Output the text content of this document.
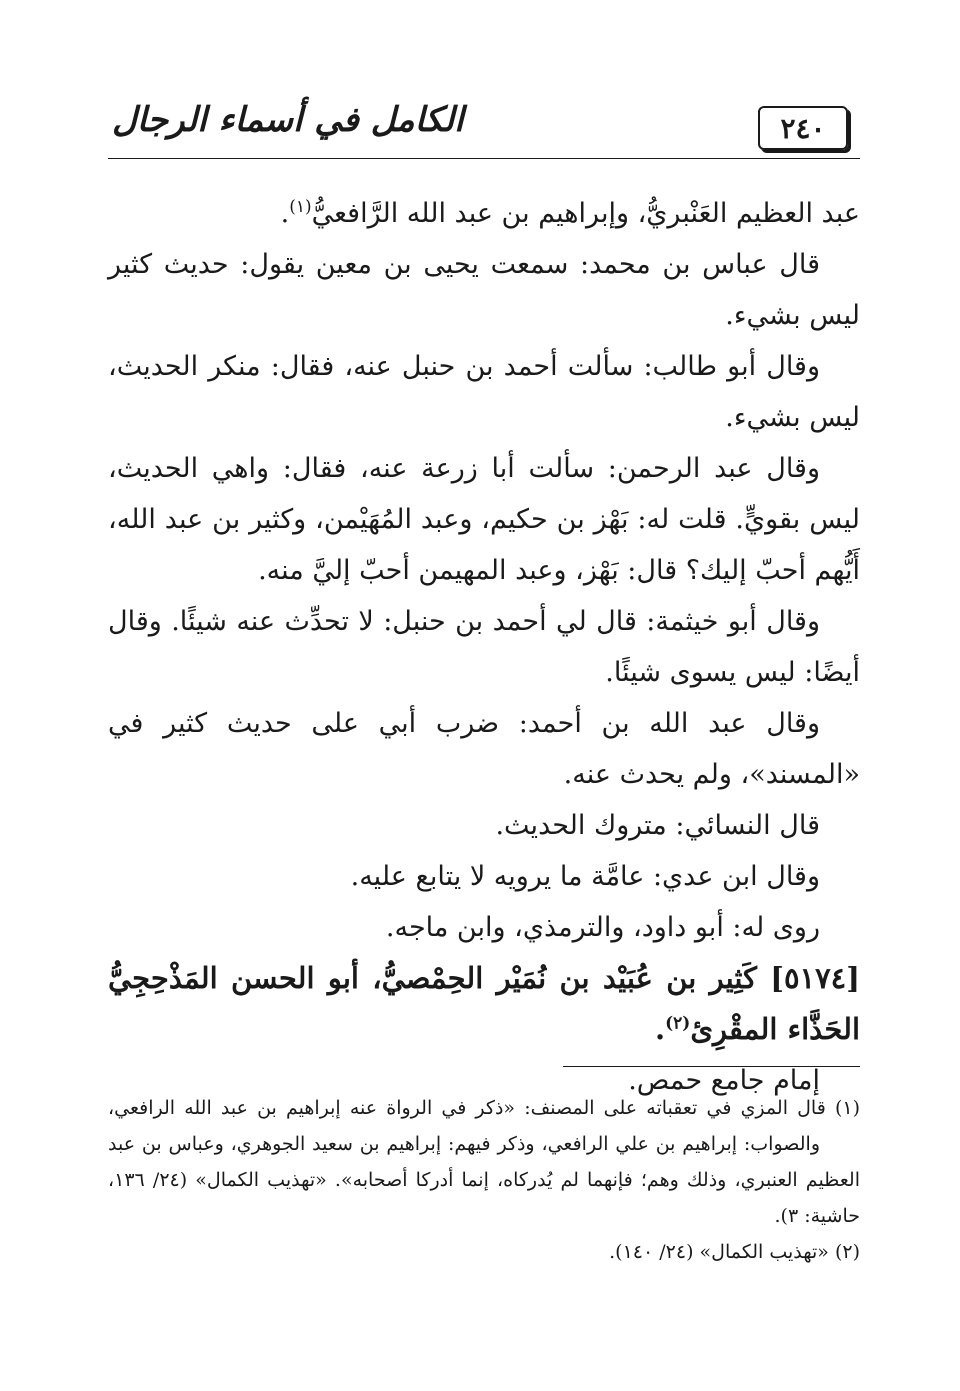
٢٤٠
الكامل في أسماء الرجال

عبد العظيم العَنْبريُّ، وإبراهيم بن عبد الله الرَّافعيُّ$^{(١)}$.

قال عباس بن محمد: سمعت يحيى بن معين يقول: حديث كثير ليس بشيء.

وقال أبو طالب: سألت أحمد بن حنبل عنه، فقال: منكر الحديث، ليس بشيء.

وقال عبد الرحمن: سألت أبا زرعة عنه، فقال: واهي الحديث، ليس بقويٍّ. قلت له: بَهْز بن حكيم، وعبد المُهَيْمن، وكثير بن عبد الله، أَيُّهم أحبّ إليك؟ قال: بَهْز، وعبد المهيمن أحبّ إليَّ منه.

وقال أبو خيثمة: قال لي أحمد بن حنبل: لا تحدِّث عنه شيئًا. وقال أيضًا: ليس يسوى شيئًا.

وقال عبد الله بن أحمد: ضرب أبي على حديث كثير في «المسند»، ولم يحدث عنه.

قال النسائي: متروك الحديث.

وقال ابن عدي: عامَّة ما يرويه لا يتابع عليه.

روى له: أبو داود، والترمذي، وابن ماجه.

[٥١٧٤] كَثِير بن عُبَيْد بن نُمَيْر الحِمْصيُّ، أبو الحسن المَذْحِجِيُّ الحَذَّاء المقْرِئ$^{(٢)}$.

إمام جامع حمص.

(١) قال المزي في تعقباته على المصنف: «ذكر في الرواة عنه إبراهيم بن عبد الله الرافعي، والصواب: إبراهيم بن علي الرافعي، وذكر فيهم: إبراهيم بن سعيد الجوهري، وعباس بن عبد العظيم العنبري، وذلك وهم؛ فإنهما لم يُدركاه، إنما أدركا أصحابه». «تهذيب الكمال» (٢٤/ ١٣٦، حاشية: ٣).

(٢) «تهذيب الكمال» (٢٤/ ١٤٠).
